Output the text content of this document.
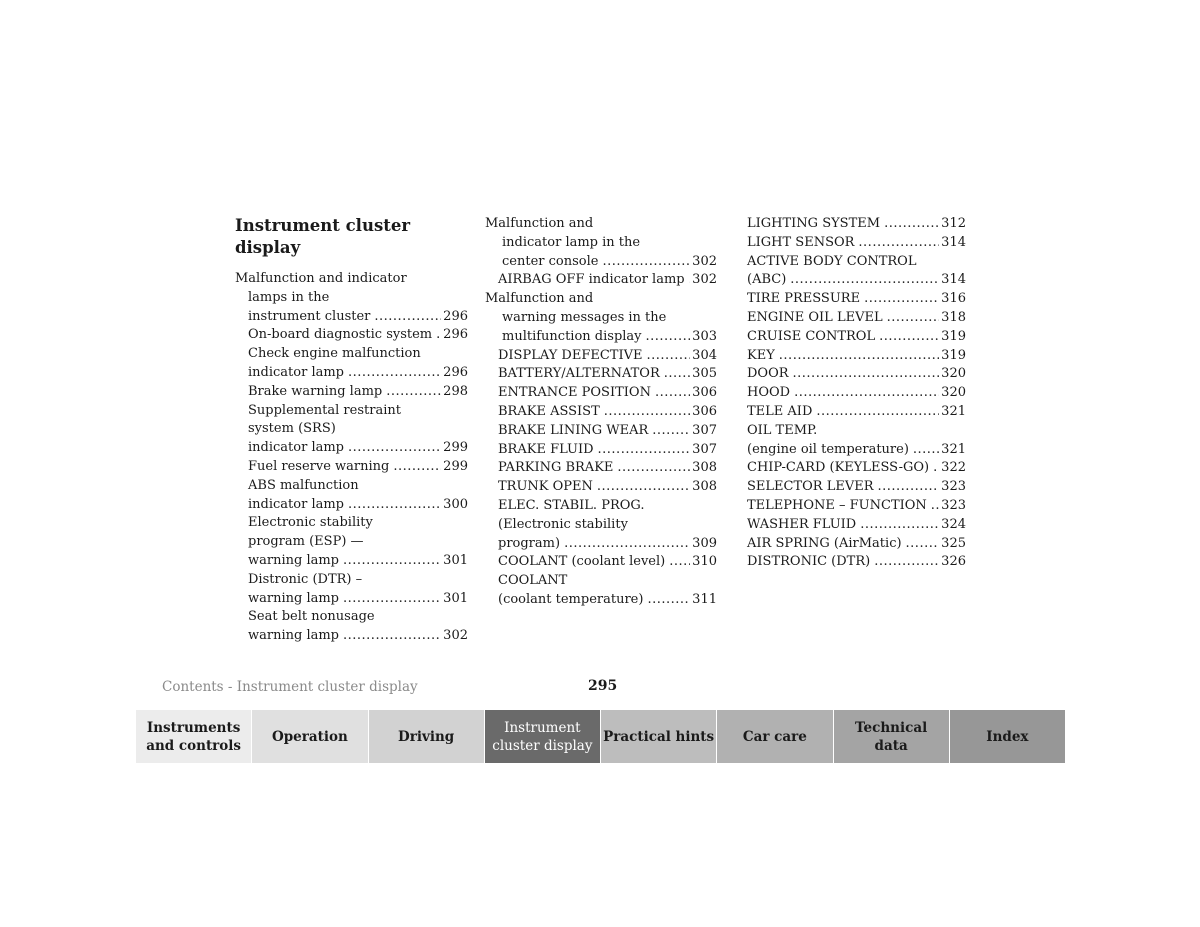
Instrument cluster display
Malfunction and indicator
lamps in the
instrument cluster .....	296
On-board diagnostic system ..... 296
Check engine malfunction
indicator lamp .....	296
Brake warning lamp .....	298
Supplemental restraint
system (SRS)
indicator lamp .....	299
Fuel reserve warning .....	299
ABS malfunction
indicator lamp .....	300
Electronic stability
program (ESP) —
warning lamp .....	301
Distronic (DTR) –
warning lamp .....	301
Seat belt nonusage
warning lamp .....	302
Malfunction and
indicator lamp in the
center console .....	302
AIRBAG OFF indicator lamp ..... 302
Malfunction and
warning messages in the
multifunction display .....	303
DISPLAY DEFECTIVE .....	304
BATTERY/ALTERNATOR ..... 305
ENTRANCE POSITION .....	306
BRAKE ASSIST .....	306
BRAKE LINING WEAR .....	307
BRAKE FLUID .....	307
PARKING BRAKE .....	308
TRUNK OPEN .....	308
ELEC. STABIL. PROG.
(Electronic stability
program) .....	309
COOLANT (coolant level) ..... 310
COOLANT
(coolant temperature) .....	311
LIGHTING SYSTEM .....	312
LIGHT SENSOR .....	314
ACTIVE BODY CONTROL
(ABC) .....	314
TIRE PRESSURE .....	316
ENGINE OIL LEVEL .....	318
CRUISE CONTROL .....	319
KEY .....	319
DOOR .....	320
HOOD .....	320
TELE AID .....	321
OIL TEMP.
(engine oil temperature) ..... 321
CHIP-CARD (KEYLESS-GO) ..... 322
SELECTOR LEVER .....	323
TELEPHONE – FUNCTION ..... 323
WASHER FLUID .....	324
AIR SPRING (AirMatic) .....	325
DISTRONIC (DTR) .....	326
Contents - Instrument cluster display	295
Instruments
and controls
Operation	Driving
Instrument
cluster display
Practical hints Car care
Technical
data
Index
